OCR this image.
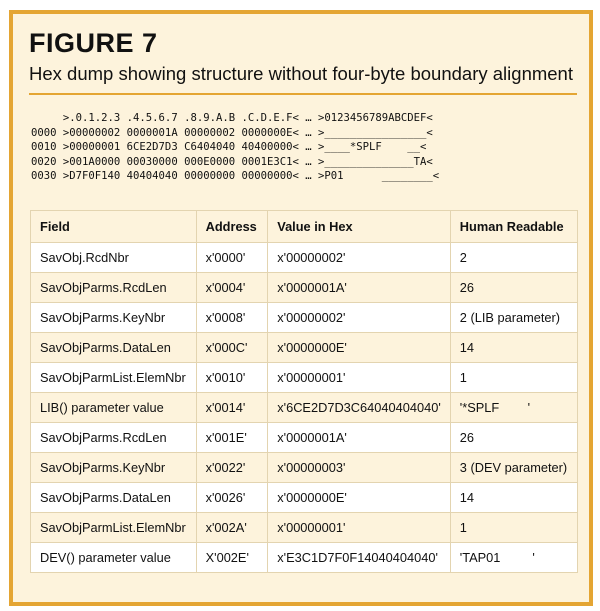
FIGURE 7
Hex dump showing structure without four-byte boundary alignment
>.0.1.2.3 .4.5.6.7 .8.9.A.B .C.D.E.F< … >0123456789ABCDEF<
0000 >00000002 0000001A 00000002 0000000E< … >________________<
0010 >00000001 6CE2D7D3 C6404040 40400000< … >____*SPLF    __<
0020 >001A0000 00030000 000E0000 0001E3C1< … >______________TA<
0030 >D7F0F140 40404040 00000000 00000000< … >P01      ________<
Field	Address	Value in Hex	Human Readable
SavObj.RcdNbr	x'0000'	x'00000002'	2
SavObjParms.RcdLen	x'0004'	x'0000001A'	26
SavObjParms.KeyNbr	x'0008'	x'00000002'	2 (LIB parameter)
SavObjParms.DataLen	x'000C'	x'0000000E'	14
SavObjParmList.ElemNbr	x'0010'	x'00000001'	1
LIB() parameter value	x'0014'	x'6CE2D7D3C64040404040'	'*SPLF        '
SavObjParms.RcdLen	x'001E'	x'0000001A'	26
SavObjParms.KeyNbr	x'0022'	x'00000003'	3 (DEV parameter)
SavObjParms.DataLen	x'0026'	x'0000000E'	14
SavObjParmList.ElemNbr	x'002A'	x'00000001'	1
DEV() parameter value	X'002E'	x'E3C1D7F0F14040404040'	'TAP01         '
